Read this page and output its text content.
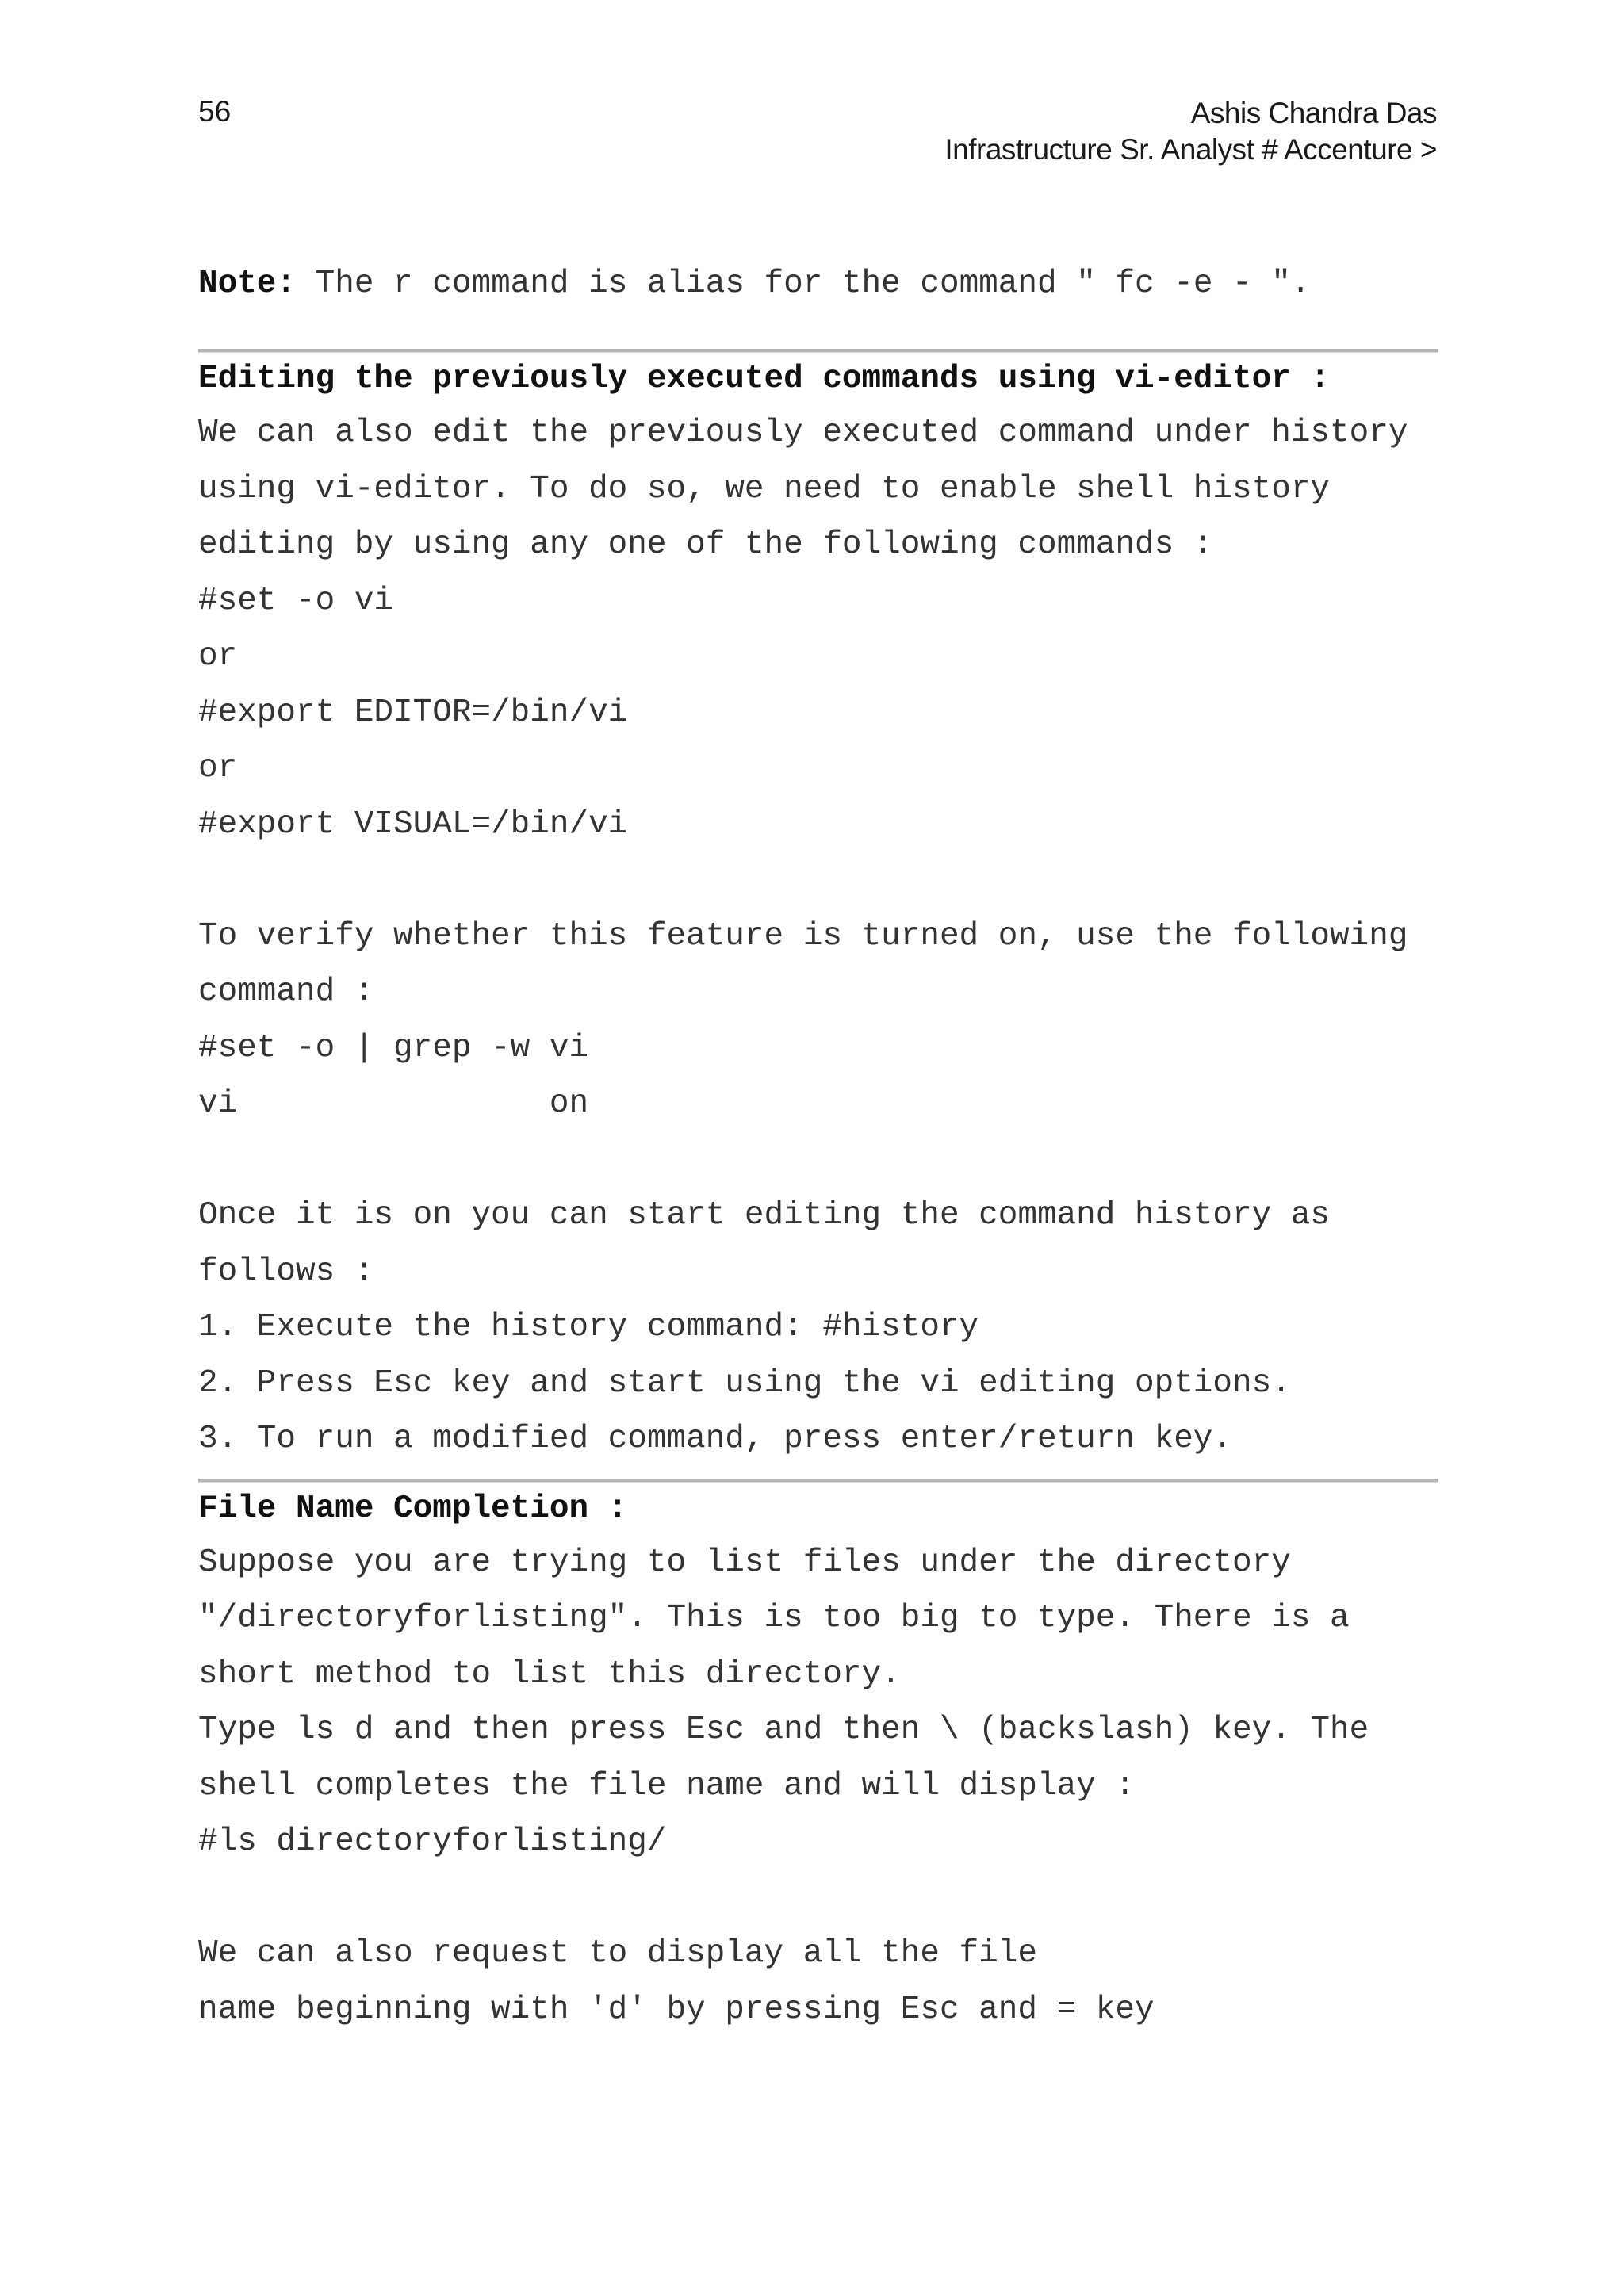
56	Ashis Chandra Das
Infrastructure Sr. Analyst # Accenture >
Note: The r command is alias for the command " fc -e - ".
Editing the previously executed commands using vi-editor :
We can also edit the previously executed command under history
using vi-editor. To do so, we need to enable shell history
editing by using any one of the following commands :
#set -o vi
or
#export EDITOR=/bin/vi
or
#export VISUAL=/bin/vi
To verify whether this feature is turned on, use the following
command :
#set -o | grep -w vi
vi                on
Once it is on you can start editing the command history as
follows :
1. Execute the history command: #history
2. Press Esc key and start using the vi editing options.
3. To run a modified command, press enter/return key.
File Name Completion :
Suppose you are trying to list files under the directory
"/directoryforlisting". This is too big to type. There is a
short method to list this directory.
Type ls d and then press Esc and then \ (backslash) key. The
shell completes the file name and will display :
#ls directoryforlisting/
We can also request to display all the file
name beginning with 'd' by pressing Esc and = key
